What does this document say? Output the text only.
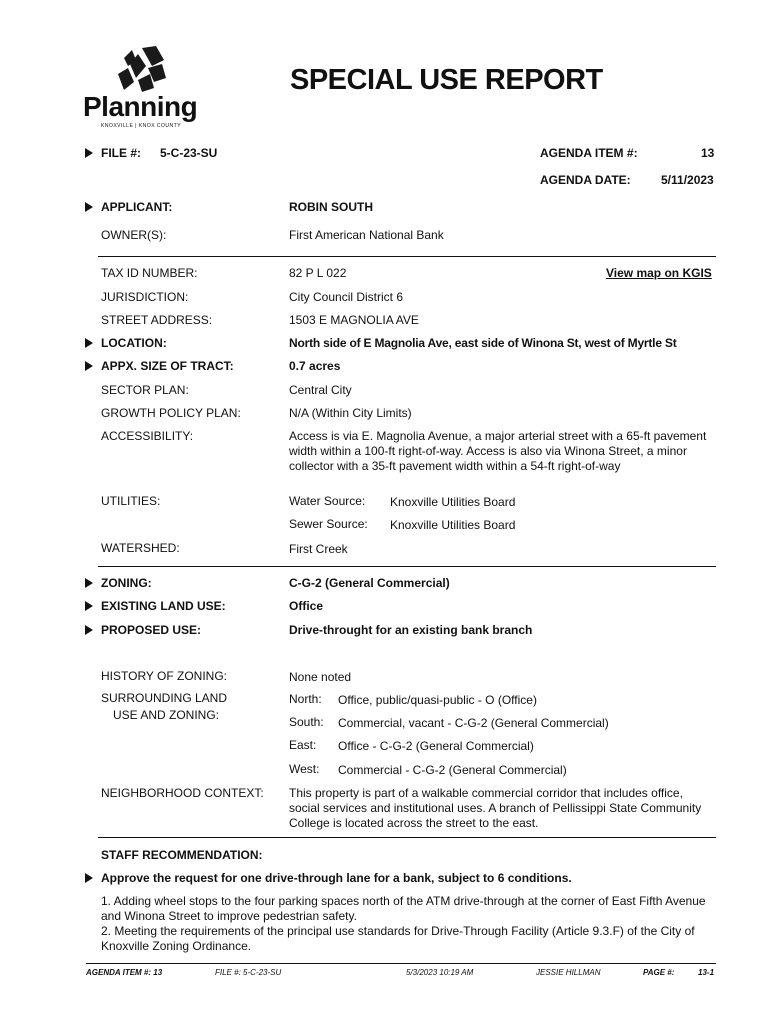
Planning
KNOXVILLE | KNOX COUNTY
SPECIAL USE REPORT
FILE #: 5-C-23-SU	AGENDA ITEM #:	13
AGENDA DATE:	5/11/2023
APPLICANT:	ROBIN SOUTH
OWNER(S):	First American National Bank
TAX ID NUMBER:	82 P L 022	View map on KGIS
JURISDICTION:	City Council District 6
STREET ADDRESS:	1503 E MAGNOLIA AVE
LOCATION:	North side of E Magnolia Ave, east side of Winona St, west of Myrtle St
APPX. SIZE OF TRACT:	0.7 acres
SECTOR PLAN:	Central City
GROWTH POLICY PLAN:	N/A (Within City Limits)
ACCESSIBILITY:	Access is via E. Magnolia Avenue, a major arterial street with a 65-ft pavement width within a 100-ft right-of-way. Access is also via Winona Street, a minor collector with a 35-ft pavement width within a 54-ft right-of-way
UTILITIES:	Water Source: Knoxville Utilities Board
Sewer Source: Knoxville Utilities Board
WATERSHED:	First Creek
ZONING:	C-G-2 (General Commercial)
EXISTING LAND USE:	Office
PROPOSED USE:	Drive-throught for an existing bank branch
HISTORY OF ZONING:	None noted
SURROUNDING LAND
USE AND ZONING:
North: Office, public/quasi-public - O (Office)
South: Commercial, vacant - C-G-2 (General Commercial)
East: Office - C-G-2 (General Commercial)
West: Commercial - C-G-2 (General Commercial)
NEIGHBORHOOD CONTEXT: This property is part of a walkable commercial corridor that includes office, social services and institutional uses. A branch of Pellissippi State Community College is located across the street to the east.
STAFF RECOMMENDATION:
Approve the request for one drive-through lane for a bank, subject to 6 conditions.
1. Adding wheel stops to the four parking spaces north of the ATM drive-through at the corner of East Fifth Avenue and Winona Street to improve pedestrian safety.
2. Meeting the requirements of the principal use standards for Drive-Through Facility (Article 9.3.F) of the City of Knoxville Zoning Ordinance.
AGENDA ITEM #: 13	FILE #: 5-C-23-SU	5/3/2023 10:19 AM	JESSIE HILLMAN	PAGE #:	13-1
